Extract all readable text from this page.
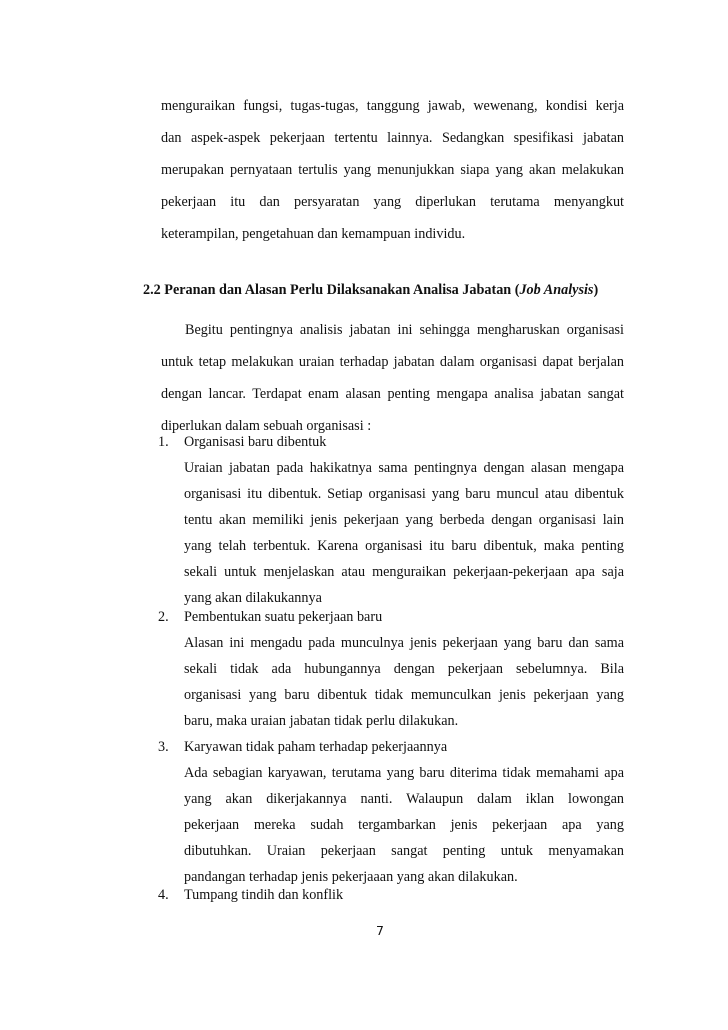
menguraikan fungsi, tugas-tugas, tanggung jawab, wewenang, kondisi kerja
dan aspek-aspek pekerjaan tertentu lainnya. Sedangkan spesifikasi jabatan
merupakan pernyataan tertulis yang menunjukkan siapa yang akan melakukan
pekerjaan itu dan persyaratan yang diperlukan terutama menyangkut
keterampilan, pengetahuan dan kemampuan individu.
2.2 Peranan dan Alasan Perlu Dilaksanakan Analisa Jabatan (Job Analysis)
Begitu pentingnya analisis jabatan ini sehingga mengharuskan organisasi
untuk tetap melakukan uraian terhadap jabatan dalam organisasi dapat berjalan
dengan lancar. Terdapat enam alasan penting mengapa analisa jabatan sangat
diperlukan dalam sebuah organisasi :
1.	Organisasi baru dibentuk
Uraian jabatan pada hakikatnya sama pentingnya dengan alasan mengapa
organisasi itu dibentuk. Setiap organisasi yang baru muncul atau dibentuk
tentu akan memiliki jenis pekerjaan yang berbeda dengan organisasi lain
yang telah terbentuk. Karena organisasi itu baru dibentuk, maka penting
sekali untuk menjelaskan atau menguraikan pekerjaan-pekerjaan apa saja
yang akan dilakukannya
2.	Pembentukan suatu pekerjaan baru
Alasan ini mengadu pada munculnya jenis pekerjaan yang baru dan sama
sekali tidak ada hubungannya dengan pekerjaan sebelumnya. Bila
organisasi yang baru dibentuk tidak memunculkan jenis pekerjaan yang
baru, maka uraian jabatan tidak perlu dilakukan.
3.	Karyawan tidak paham terhadap pekerjaannya
Ada sebagian karyawan, terutama yang baru diterima tidak memahami apa
yang akan dikerjakannya nanti. Walaupun dalam iklan lowongan
pekerjaan mereka sudah tergambarkan jenis pekerjaan apa yang
dibutuhkan. Uraian pekerjaan sangat penting untuk menyamakan
pandangan terhadap jenis pekerjaaan yang akan dilakukan.
4.	Tumpang tindih dan konflik
7
